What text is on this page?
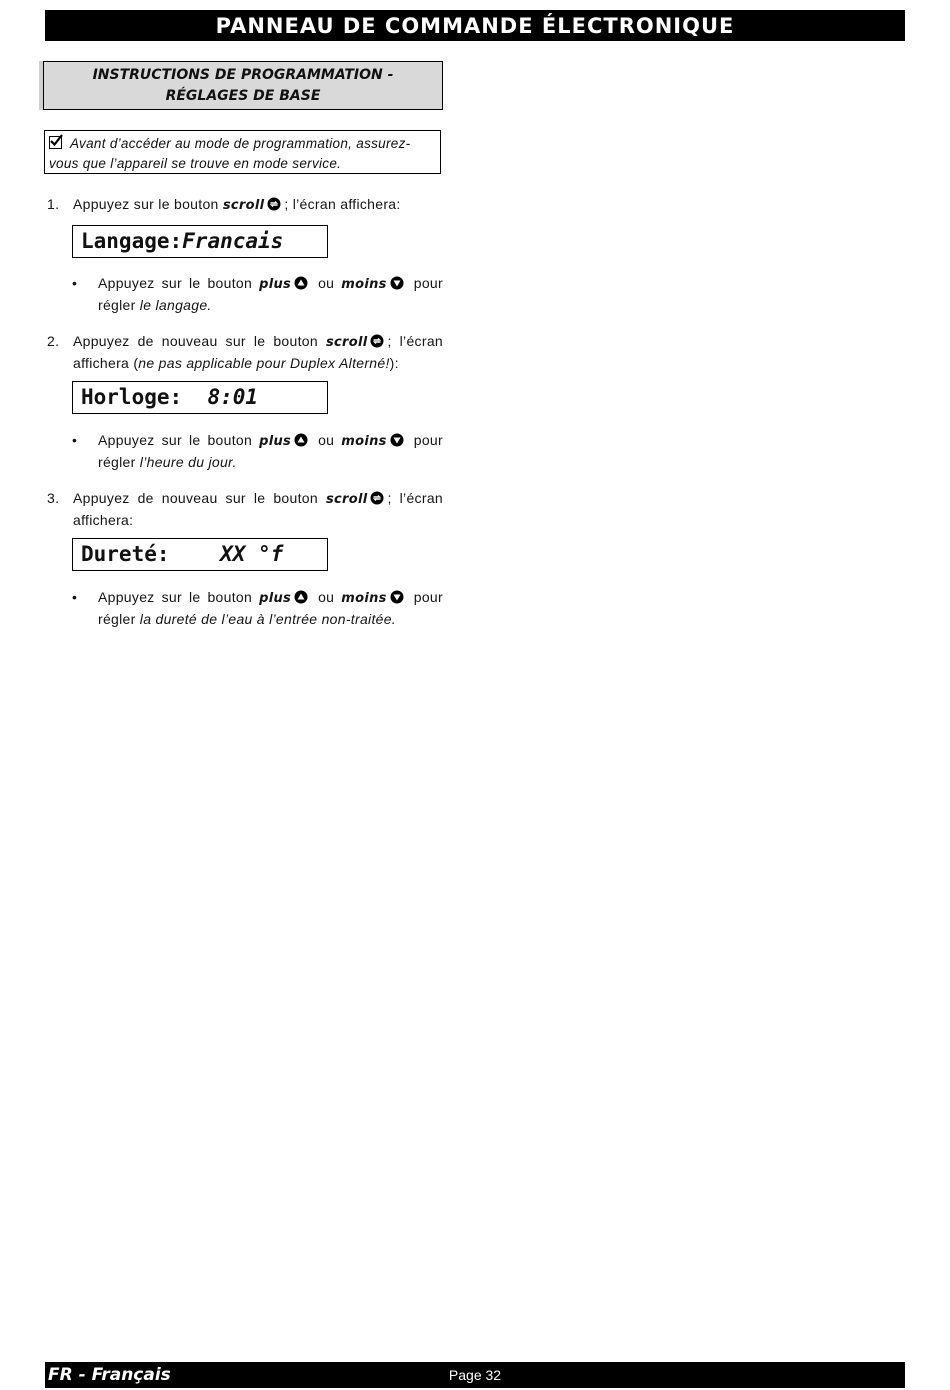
PANNEAU DE COMMANDE ÉLECTRONIQUE
INSTRUCTIONS DE PROGRAMMATION -
RÉGLAGES DE BASE
Avant d’accéder au mode de programmation, assurez-
vous que l’appareil se trouve en mode service.
1. Appuyez sur le bouton scroll ; l’écran affichera:
Langage:Francais
• Appuyez sur le bouton plus ou moins pour régler le langage.
2. Appuyez de nouveau sur le bouton scroll ; l’écran affichera (ne pas applicable pour Duplex Alterné!):
Horloge:  8:01
• Appuyez sur le bouton plus ou moins pour régler l’heure du jour.
3. Appuyez de nouveau sur le bouton scroll ; l’écran affichera:
Dureté:    XX °f
• Appuyez sur le bouton plus ou moins pour régler la dureté de l’eau à l’entrée non-traitée.
FR - Français	Page 32
